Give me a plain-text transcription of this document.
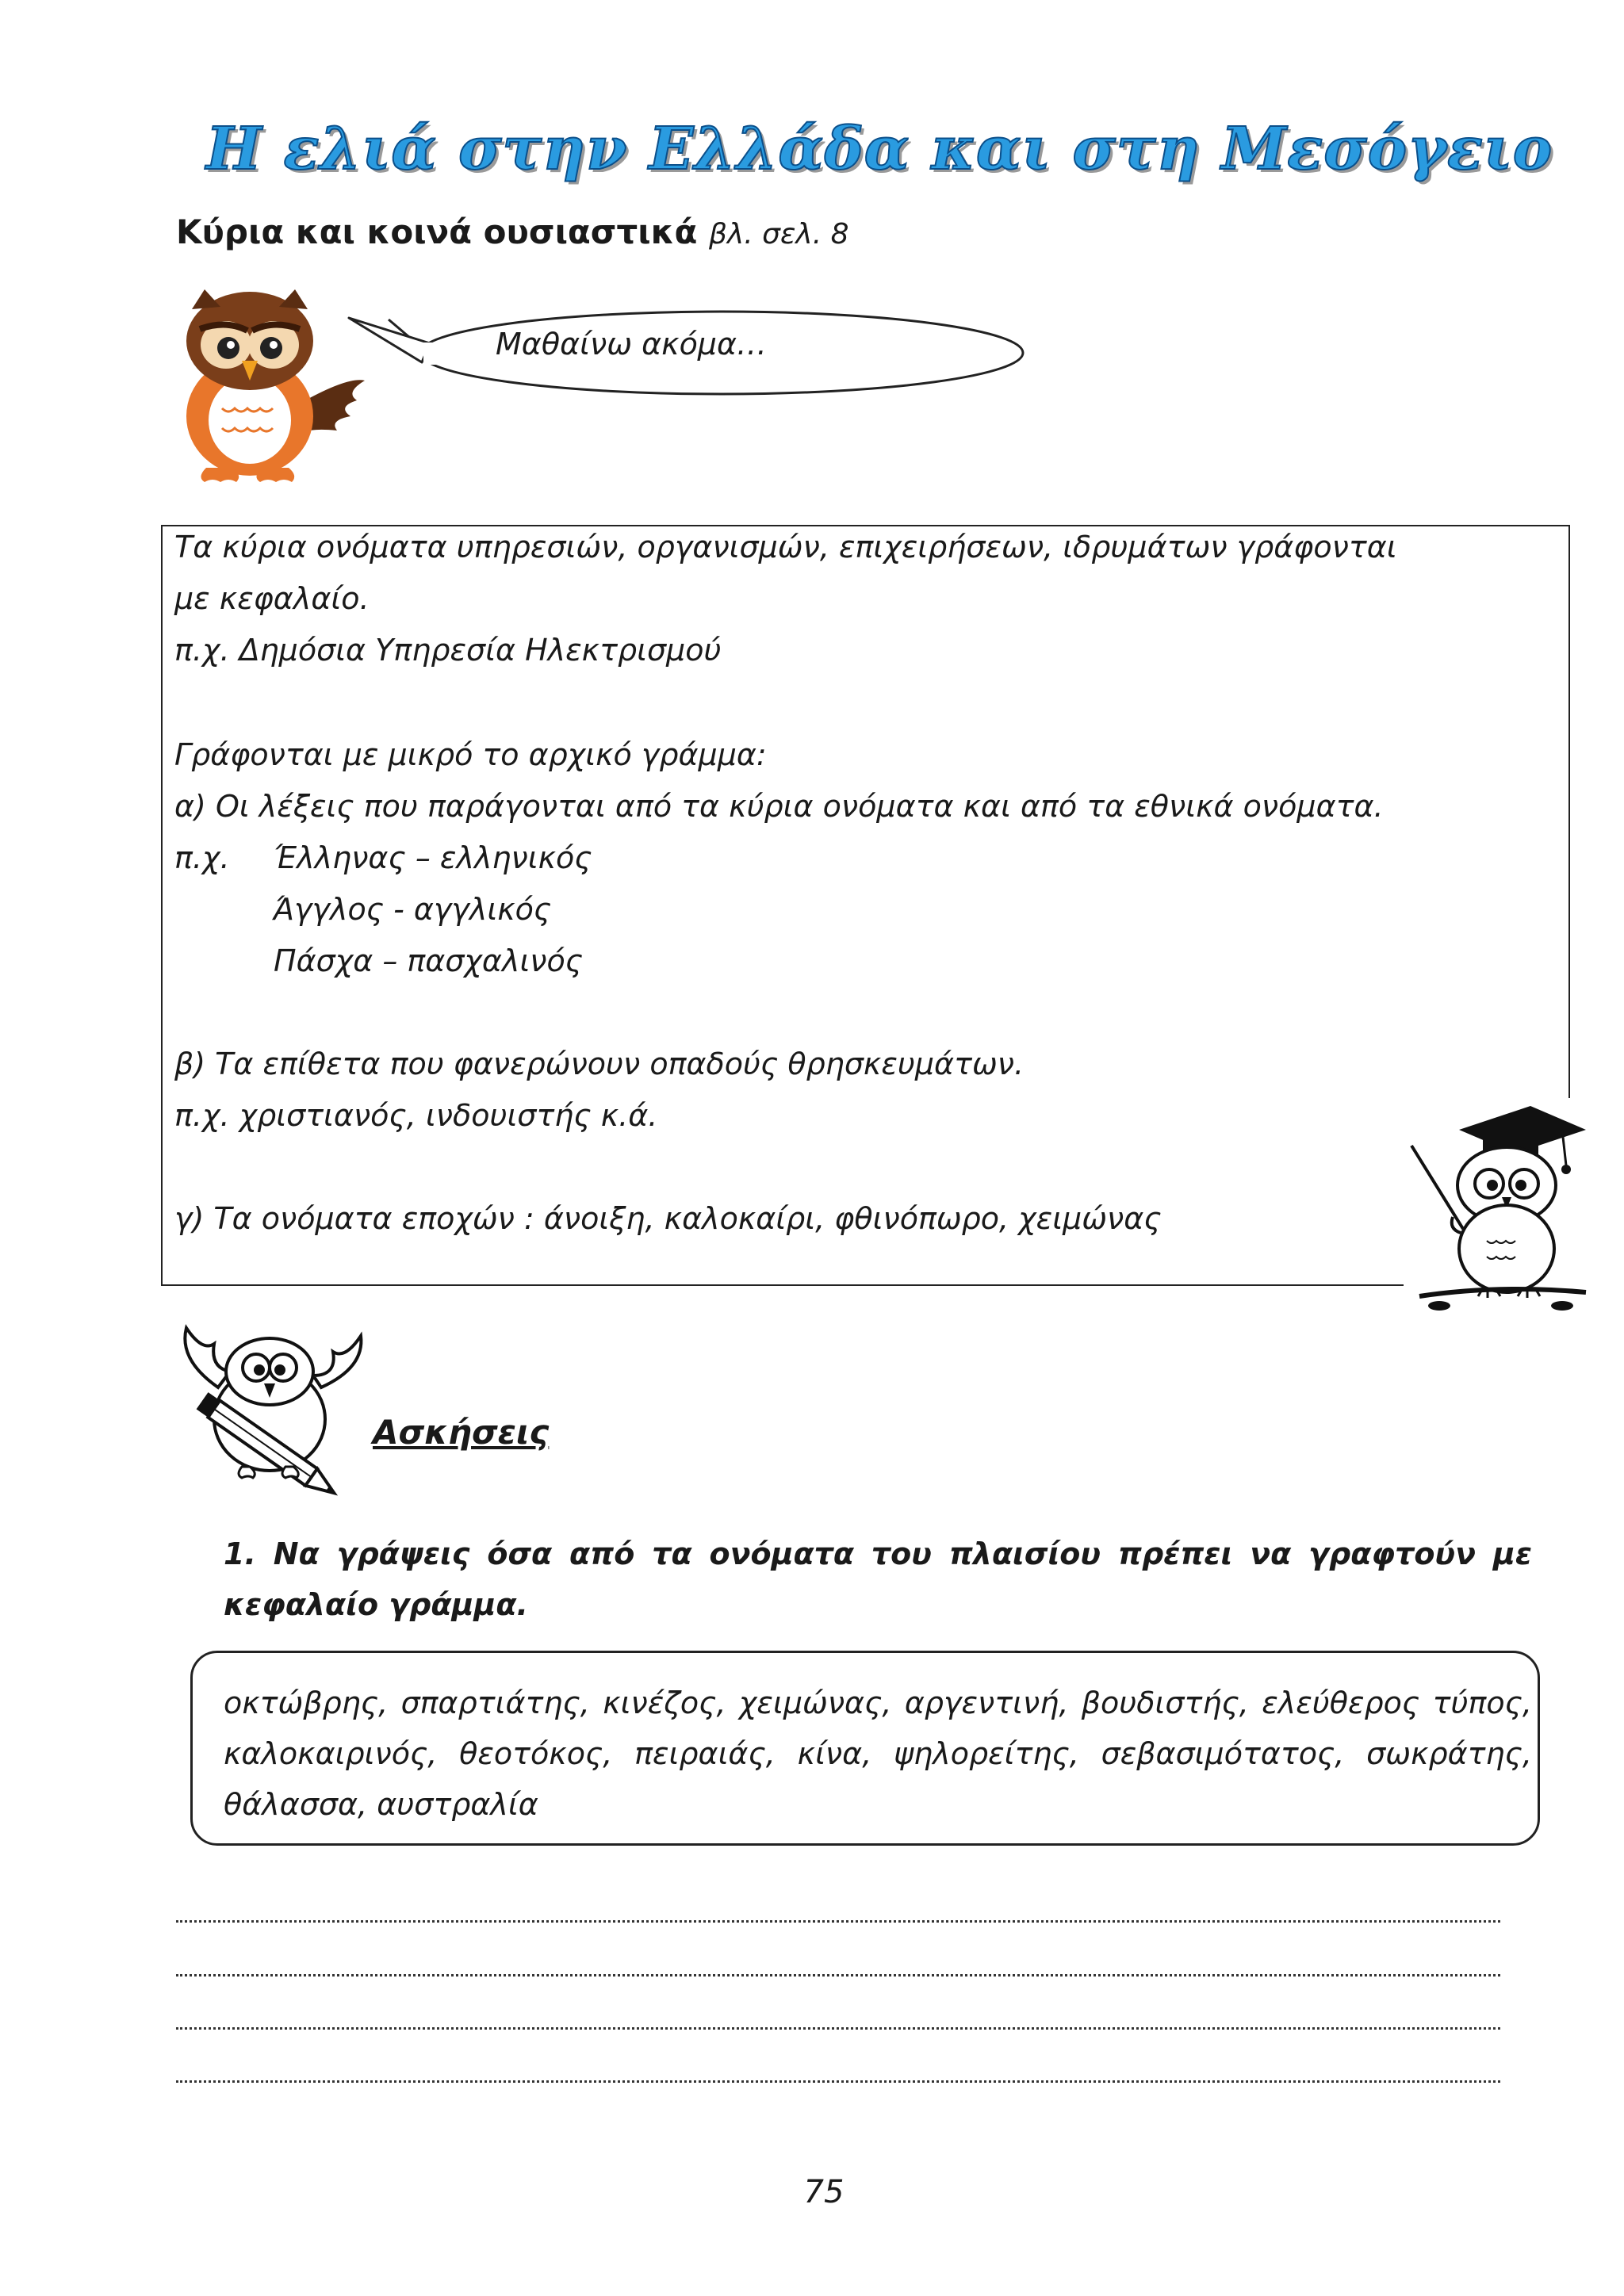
Η ελιά στην Ελλάδα και στη Μεσόγειο
Κύρια και κοινά ουσιαστικά βλ. σελ. 8
Μαθαίνω ακόμα…
Τα κύρια ονόματα υπηρεσιών, οργανισμών, επιχειρήσεων, ιδρυμάτων γράφονται
με κεφαλαίο.
π.χ. Δημόσια Υπηρεσία Ηλεκτρισμού
Γράφονται με μικρό το αρχικό γράμμα:
α) Οι λέξεις που παράγονται από τα κύρια ονόματα και από τα εθνικά ονόματα.
π.χ. Έλληνας – ελληνικός
Άγγλος - αγγλικός
Πάσχα – πασχαλινός
β) Τα επίθετα που φανερώνουν οπαδούς θρησκευμάτων.
π.χ. χριστιανός, ινδουιστής κ.ά.
γ) Τα ονόματα εποχών : άνοιξη, καλοκαίρι, φθινόπωρο, χειμώνας
Ασκήσεις
1. Να γράψεις όσα από τα ονόματα του πλαισίου πρέπει να γραφτούν με κεφαλαίο γράμμα.
οκτώβρης, σπαρτιάτης, κινέζος, χειμώνας, αργεντινή, βουδιστής, ελεύθερος τύπος, καλοκαιρινός, θεοτόκος, πειραιάς, κίνα, ψηλορείτης, σεβασιμότατος, σωκράτης, θάλασσα, αυστραλία
75
